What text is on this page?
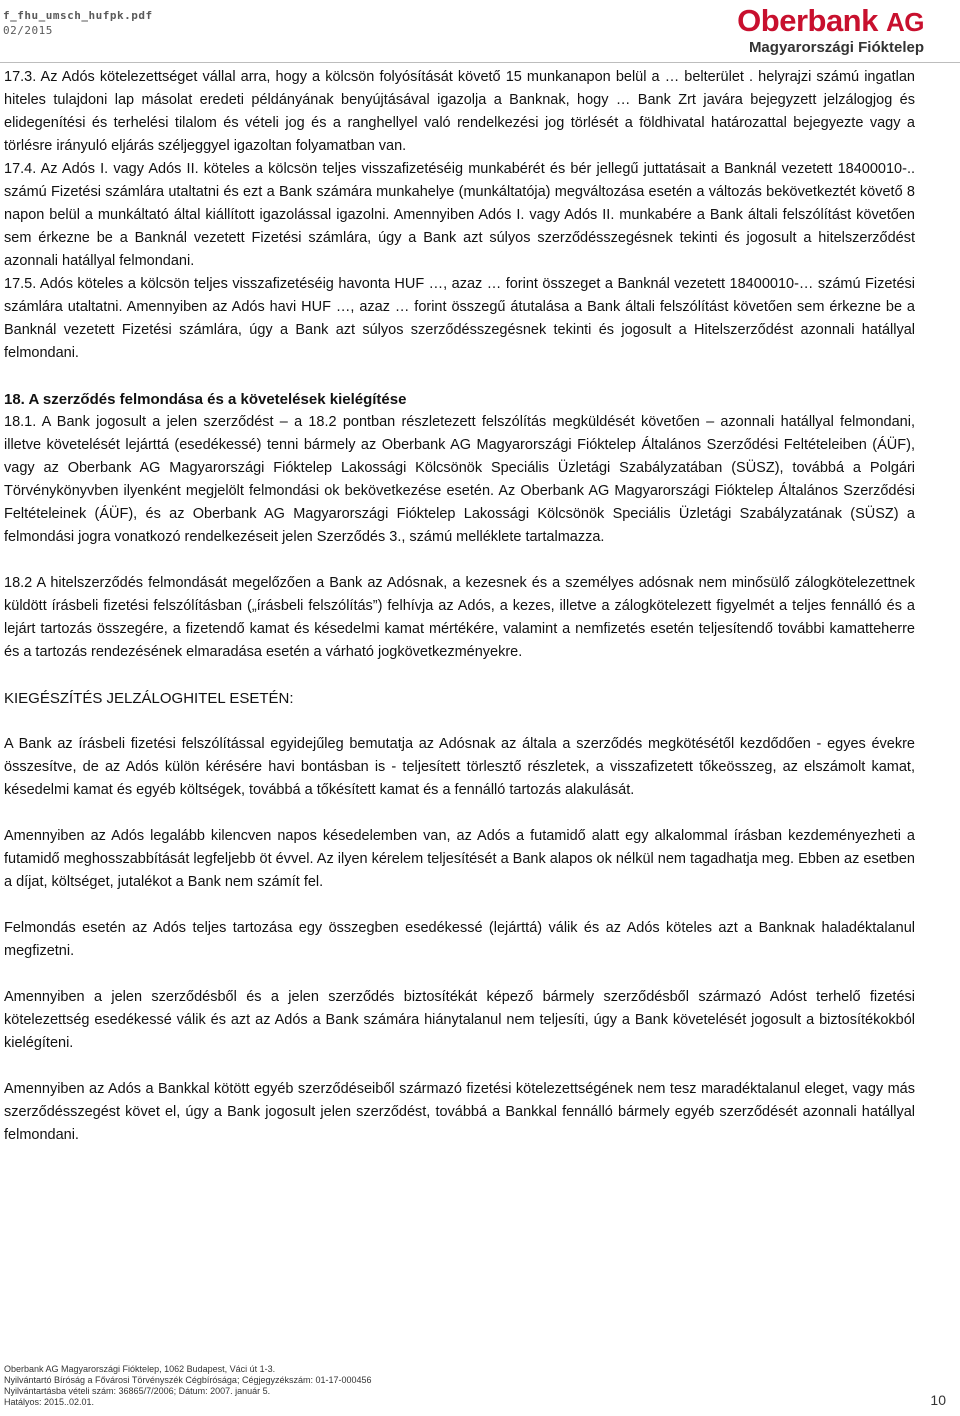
f_fhu_umsch_hufpk.pdf
02/2015	Oberbank AG
Magyarországi Fióktelep

17.3. Az Adós kötelezettséget vállal arra, hogy a kölcsön folyósítását követő 15 munkanapon belül a … belterület . helyrajzi számú ingatlan hiteles tulajdoni lap másolat eredeti példányának benyújtásával igazolja a Banknak, hogy … Bank Zrt javára bejegyzett jelzálogjog és elidegenítési és terhelési tilalom és vételi jog és a ranghellyel való rendelkezési jog törlését a földhivatal határozattal bejegyezte vagy a törlésre irányuló eljárás széljeggyel igazoltan folyamatban van.

17.4. Az Adós I. vagy Adós II. köteles a kölcsön teljes visszafizetéséig munkabérét és bér jellegű juttatásait a Banknál vezetett 18400010-.. számú Fizetési számlára utaltatni és ezt a Bank számára munkahelye (munkáltatója) megváltozása esetén a változás bekövetkeztét követő 8 napon belül a munkáltató által kiállított igazolással igazolni. Amennyiben Adós I. vagy Adós II. munkabére a Bank általi felszólítást követően sem érkezne be a Banknál vezetett Fizetési számlára, úgy a Bank azt súlyos szerződésszegésnek tekinti és jogosult a hitelszerződést azonnali hatállyal felmondani.

17.5. Adós köteles a kölcsön teljes visszafizetéséig havonta HUF …, azaz … forint összeget a Banknál vezetett 18400010-… számú Fizetési számlára utaltatni. Amennyiben az Adós havi HUF …, azaz … forint összegű átutalása a Bank általi felszólítást követően sem érkezne be a Banknál vezetett Fizetési számlára, úgy a Bank azt súlyos szerződésszegésnek tekinti és jogosult a Hitelszerződést azonnali hatállyal felmondani.

18. A szerződés felmondása és a követelések kielégítése

18.1. A Bank jogosult a jelen szerződést – a 18.2 pontban részletezett felszólítás megküldését követően – azonnali hatállyal felmondani, illetve követelését lejárttá (esedékessé) tenni bármely az Oberbank AG Magyarországi Fióktelep Általános Szerződési Feltételeiben (ÁÜF), vagy az Oberbank AG Magyarországi Fióktelep Lakossági Kölcsönök Speciális Üzletági Szabályzatában (SÜSZ), továbbá a Polgári Törvénykönyvben ilyenként megjelölt felmondási ok bekövetkezése esetén. Az Oberbank AG Magyarországi Fióktelep Általános Szerződési Feltételeinek (ÁÜF), és az Oberbank AG Magyarországi Fióktelep Lakossági Kölcsönök Speciális Üzletági Szabályzatának (SÜSZ) a felmondási jogra vonatkozó rendelkezéseit jelen Szerződés 3., számú melléklete tartalmazza.

18.2 A hitelszerződés felmondását megelőzően a Bank az Adósnak, a kezesnek és a személyes adósnak nem minősülő zálogkötelezettnek küldött írásbeli fizetési felszólításban („írásbeli felszólítás”) felhívja az Adós, a kezes, illetve a zálogkötelezett figyelmét a teljes fennálló és a lejárt tartozás összegére, a fizetendő kamat és késedelmi kamat mértékére, valamint a nemfizetés esetén teljesítendő további kamatteherre és a tartozás rendezésének elmaradása esetén a várható jogkövetkezményekre.

KIEGÉSZÍTÉS JELZÁLOGHITEL ESETÉN:

A Bank az írásbeli fizetési felszólítással egyidejűleg bemutatja az Adósnak az általa a szerződés megkötésétől kezdődően - egyes évekre összesítve, de az Adós külön kérésére havi bontásban is - teljesített törlesztő részletek, a visszafizetett tőkeösszeg, az elszámolt kamat, késedelmi kamat és egyéb költségek, továbbá a tőkésített kamat és a fennálló tartozás alakulását.

Amennyiben az Adós legalább kilencven napos késedelemben van, az Adós a futamidő alatt egy alkalommal írásban kezdeményezheti a futamidő meghosszabbítását legfeljebb öt évvel. Az ilyen kérelem teljesítését a Bank alapos ok nélkül nem tagadhatja meg. Ebben az esetben a díjat, költséget, jutalékot a Bank nem számít fel.

Felmondás esetén az Adós teljes tartozása egy összegben esedékessé (lejárttá) válik és az Adós köteles azt a Banknak haladéktalanul megfizetni.

Amennyiben a jelen szerződésből és a jelen szerződés biztosítékát képező bármely szerződésből származó Adóst terhelő fizetési kötelezettség esedékessé válik és azt az Adós a Bank számára hiánytalanul nem teljesíti, úgy a Bank követelését jogosult a biztosítékokból kielégíteni.

Amennyiben az Adós a Bankkal kötött egyéb szerződéseiből származó fizetési kötelezettségének nem tesz maradéktalanul eleget, vagy más szerződésszegést követ el, úgy a Bank jogosult jelen szerződést, továbbá a Bankkal fennálló bármely egyéb szerződését azonnali hatállyal felmondani.

Oberbank AG Magyarországi Fióktelep, 1062 Budapest, Váci út 1-3.
Nyilvántartó Bíróság a Fővárosi Törvényszék Cégbírósága; Cégjegyzékszám: 01-17-000456
Nyilvántartásba vételi szám: 36865/7/2006; Dátum: 2007. január 5.
Hatályos: 2015..02.01.	10
